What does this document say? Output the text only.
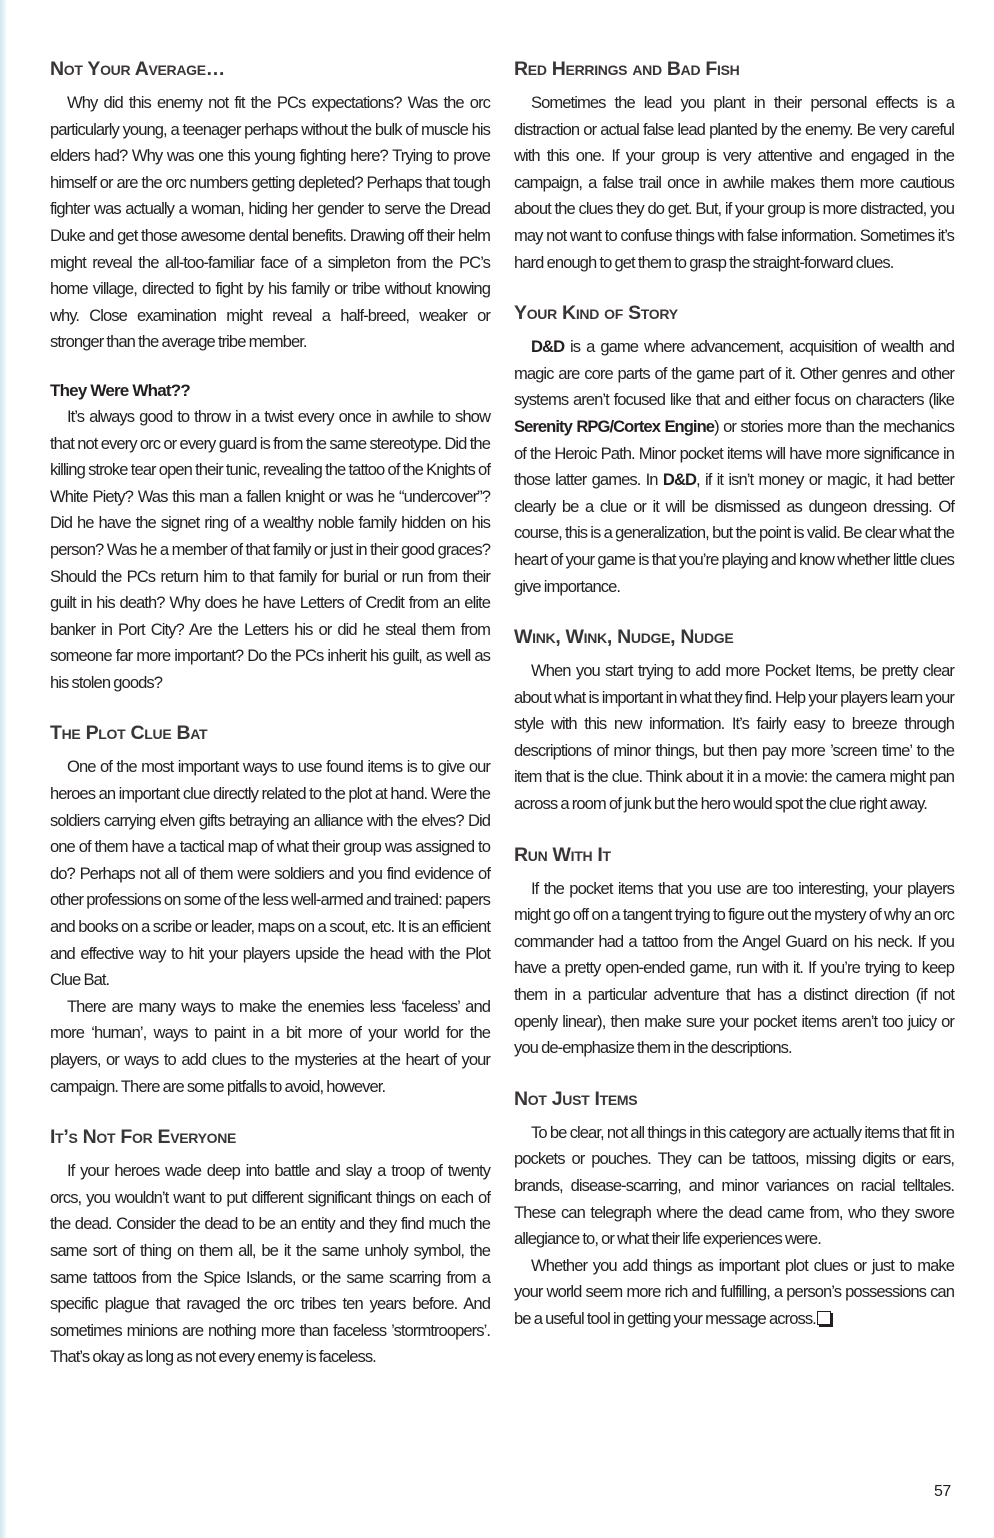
Not Your Average…

Why did this enemy not fit the PCs expectations? Was the orc particularly young, a teenager perhaps without the bulk of muscle his elders had? Why was one this young fighting here? Trying to prove himself or are the orc numbers getting depleted? Perhaps that tough fighter was actually a woman, hiding her gender to serve the Dread Duke and get those awesome dental benefits. Drawing off their helm might reveal the all-too-familiar face of a simpleton from the PC’s home village, directed to fight by his family or tribe without knowing why. Close examination might reveal a half-breed, weaker or stronger than the average tribe member.

They Were What??

It’s always good to throw in a twist every once in awhile to show that not every orc or every guard is from the same stereotype. Did the killing stroke tear open their tunic, revealing the tattoo of the Knights of White Piety? Was this man a fallen knight or was he “undercover”? Did he have the signet ring of a wealthy noble family hidden on his person? Was he a member of that family or just in their good graces? Should the PCs return him to that family for burial or run from their guilt in his death? Why does he have Letters of Credit from an elite banker in Port City? Are the Letters his or did he steal them from someone far more important? Do the PCs inherit his guilt, as well as his stolen goods?

The Plot Clue Bat

One of the most important ways to use found items is to give our heroes an important clue directly related to the plot at hand. Were the soldiers carrying elven gifts betraying an alliance with the elves? Did one of them have a tactical map of what their group was assigned to do? Perhaps not all of them were soldiers and you find evidence of other professions on some of the less well-armed and trained: papers and books on a scribe or leader, maps on a scout, etc. It is an efficient and effective way to hit your players upside the head with the Plot Clue Bat.

There are many ways to make the enemies less ‘faceless’ and more ‘human’, ways to paint in a bit more of your world for the players, or ways to add clues to the mysteries at the heart of your campaign. There are some pitfalls to avoid, however.

It’s Not For Everyone

If your heroes wade deep into battle and slay a troop of twenty orcs, you wouldn’t want to put different significant things on each of the dead. Consider the dead to be an entity and they find much the same sort of thing on them all, be it the same unholy symbol, the same tattoos from the Spice Islands, or the same scarring from a specific plague that ravaged the orc tribes ten years before. And sometimes minions are nothing more than faceless ’stormtroopers’. That’s okay as long as not every enemy is faceless.

Red Herrings and Bad Fish

Sometimes the lead you plant in their personal effects is a distraction or actual false lead planted by the enemy. Be very careful with this one. If your group is very attentive and engaged in the campaign, a false trail once in awhile makes them more cautious about the clues they do get. But, if your group is more distracted, you may not want to confuse things with false information. Sometimes it’s hard enough to get them to grasp the straight-forward clues.

Your Kind of Story

D&D is a game where advancement, acquisition of wealth and magic are core parts of the game part of it. Other genres and other systems aren’t focused like that and either focus on characters (like Serenity RPG/Cortex Engine) or stories more than the mechanics of the Heroic Path. Minor pocket items will have more significance in those latter games. In D&D, if it isn’t money or magic, it had better clearly be a clue or it will be dismissed as dungeon dressing. Of course, this is a generalization, but the point is valid. Be clear what the heart of your game is that you’re playing and know whether little clues give importance.

Wink, Wink, Nudge, Nudge

When you start trying to add more Pocket Items, be pretty clear about what is important in what they find. Help your players learn your style with this new information. It’s fairly easy to breeze through descriptions of minor things, but then pay more ’screen time’ to the item that is the clue. Think about it in a movie: the camera might pan across a room of junk but the hero would spot the clue right away.

Run With It

If the pocket items that you use are too interesting, your players might go off on a tangent trying to figure out the mystery of why an orc commander had a tattoo from the Angel Guard on his neck. If you have a pretty open-ended game, run with it. If you’re trying to keep them in a particular adventure that has a distinct direction (if not openly linear), then make sure your pocket items aren’t too juicy or you de-emphasize them in the descriptions.

Not Just Items

To be clear, not all things in this category are actually items that fit in pockets or pouches. They can be tattoos, missing digits or ears, brands, disease-scarring, and minor variances on racial telltales. These can telegraph where the dead came from, who they swore allegiance to, or what their life experiences were.

Whether you add things as important plot clues or just to make your world seem more rich and fulfilling, a person’s possessions can be a useful tool in getting your message across.

57
